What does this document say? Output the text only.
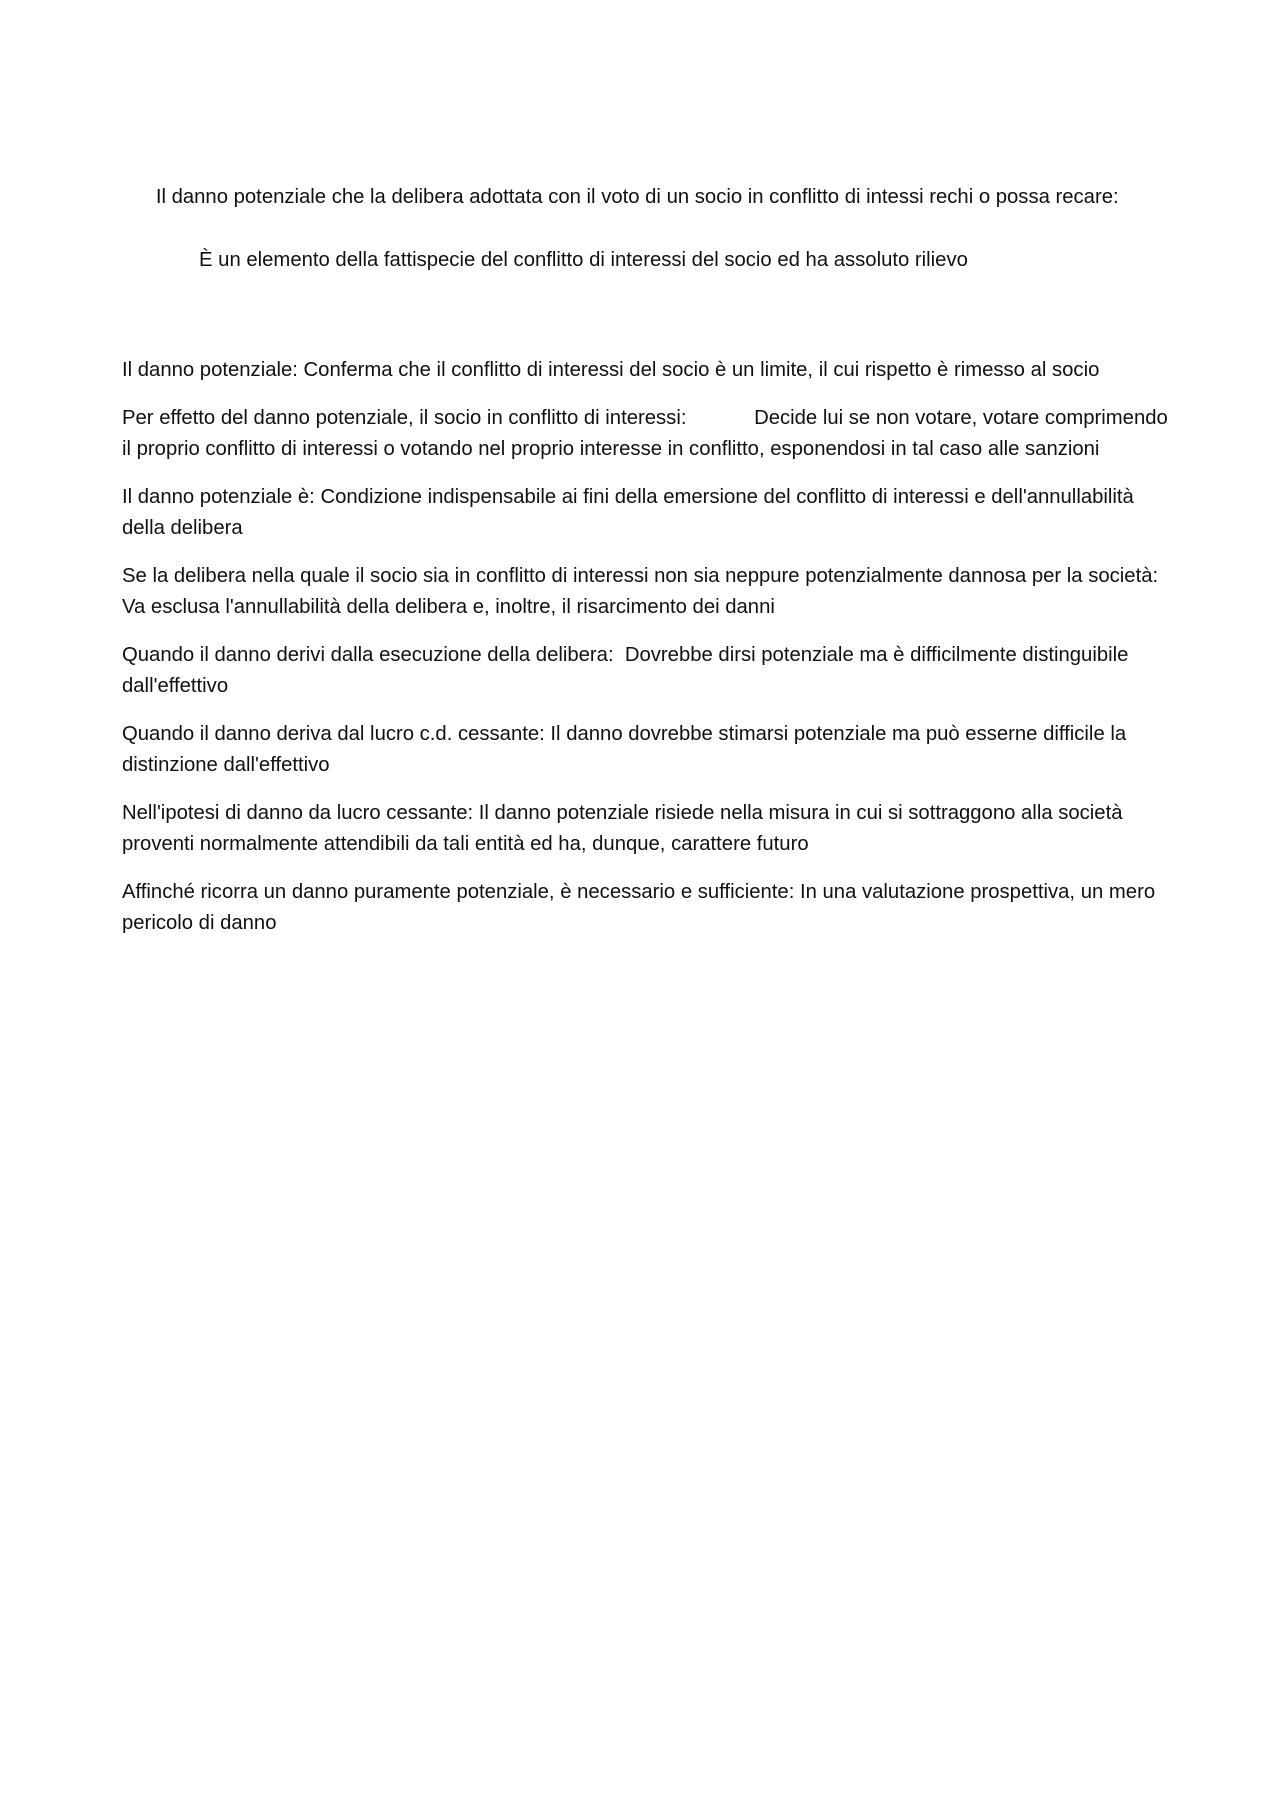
Il danno potenziale che la delibera adottata con il voto di un socio in conflitto di intessi rechi o possa recare:

È un elemento della fattispecie del conflitto di interessi del socio ed ha assoluto rilievo

Il danno potenziale: Conferma che il conflitto di interessi del socio è un limite, il cui rispetto è rimesso al socio

Per effetto del danno potenziale, il socio in conflitto di interessi:            Decide lui se non votare, votare comprimendo il proprio conflitto di interessi o votando nel proprio interesse in conflitto, esponendosi in tal caso alle sanzioni

Il danno potenziale è: Condizione indispensabile ai fini della emersione del conflitto di interessi e dell'annullabilità della delibera

Se la delibera nella quale il socio sia in conflitto di interessi non sia neppure potenzialmente dannosa per la società:             Va esclusa l'annullabilità della delibera e, inoltre, il risarcimento dei danni

Quando il danno derivi dalla esecuzione della delibera:  Dovrebbe dirsi potenziale ma è difficilmente distinguibile dall'effettivo

Quando il danno deriva dal lucro c.d. cessante: Il danno dovrebbe stimarsi potenziale ma può esserne difficile la distinzione dall'effettivo

Nell'ipotesi di danno da lucro cessante: Il danno potenziale risiede nella misura in cui si sottraggono alla società proventi normalmente attendibili da tali entità ed ha, dunque, carattere futuro

Affinché ricorra un danno puramente potenziale, è necessario e sufficiente: In una valutazione prospettiva, un mero pericolo di danno
